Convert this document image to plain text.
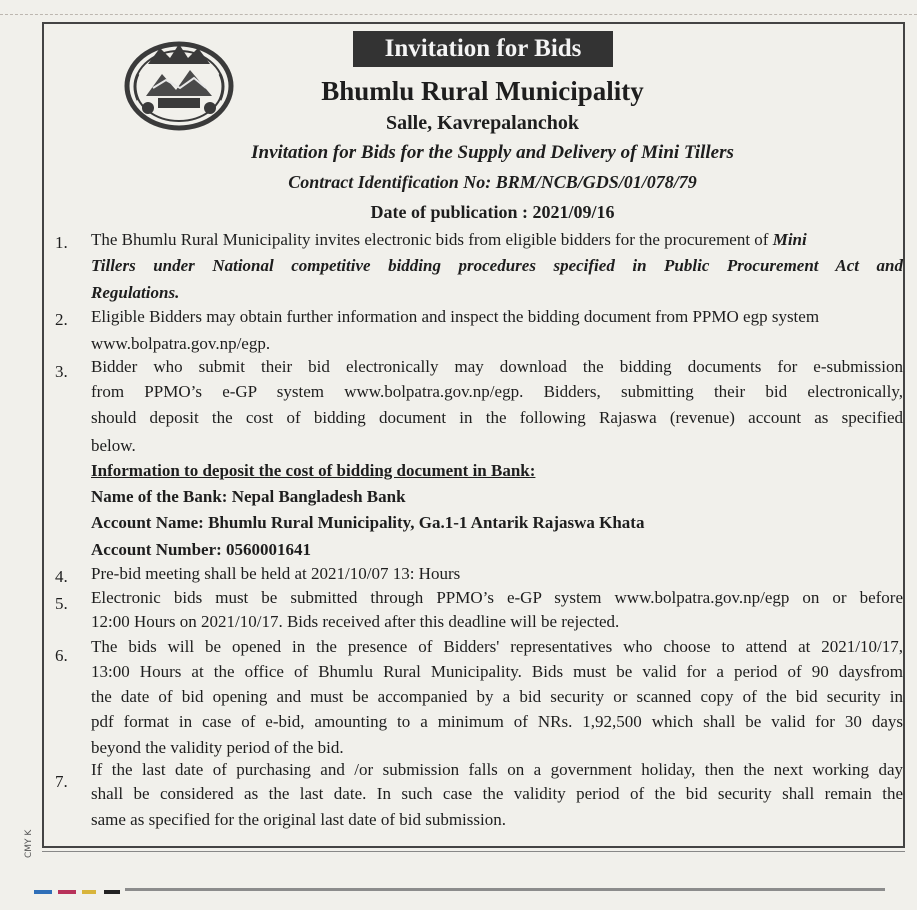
Invitation for Bids
Bhumlu Rural Municipality
Salle, Kavrepalanchok
Invitation for Bids for the Supply and Delivery of Mini Tillers
Contract Identification No: BRM/NCB/GDS/01/078/79
Date of publication : 2021/09/16
1. The Bhumlu Rural Municipality invites electronic bids from eligible bidders for the procurement of Mini
Tillers under National competitive bidding procedures specified in Public Procurement Act and
Regulations.
2. Eligible Bidders may obtain further information and inspect the bidding document from PPMO egp system
www.bolpatra.gov.np/egp.
3. Bidder who submit their bid electronically may download the bidding documents for e-submission
from PPMO’s e-GP system www.bolpatra.gov.np/egp. Bidders, submitting their bid electronically,
should deposit the cost of bidding document in the following Rajaswa (revenue) account as specified
below.
Information to deposit the cost of bidding document in Bank:
Name of the Bank: Nepal Bangladesh Bank
Account Name: Bhumlu Rural Municipality, Ga.1-1 Antarik Rajaswa Khata
Account Number: 0560001641
4. Pre-bid meeting shall be held at 2021/10/07 13: Hours
5. Electronic bids must be submitted through PPMO’s e-GP system www.bolpatra.gov.np/egp on or before
12:00 Hours on 2021/10/17. Bids received after this deadline will be rejected.
6. The bids will be opened in the presence of Bidders' representatives who choose to attend at 2021/10/17,
13:00 Hours at the office of Bhumlu Rural Municipality. Bids must be valid for a period of 90 daysfrom
the date of bid opening and must be accompanied by a bid security or scanned copy of the bid security in
pdf format in case of e-bid, amounting to a minimum of NRs. 1,92,500 which shall be valid for 30 days
beyond the validity period of the bid.
7.
If the last date of purchasing and /or submission falls on a government holiday, then the next working day
shall be considered as the last date. In such case the validity period of the bid security shall remain the
same as specified for the original last date of bid submission.
CMY K
